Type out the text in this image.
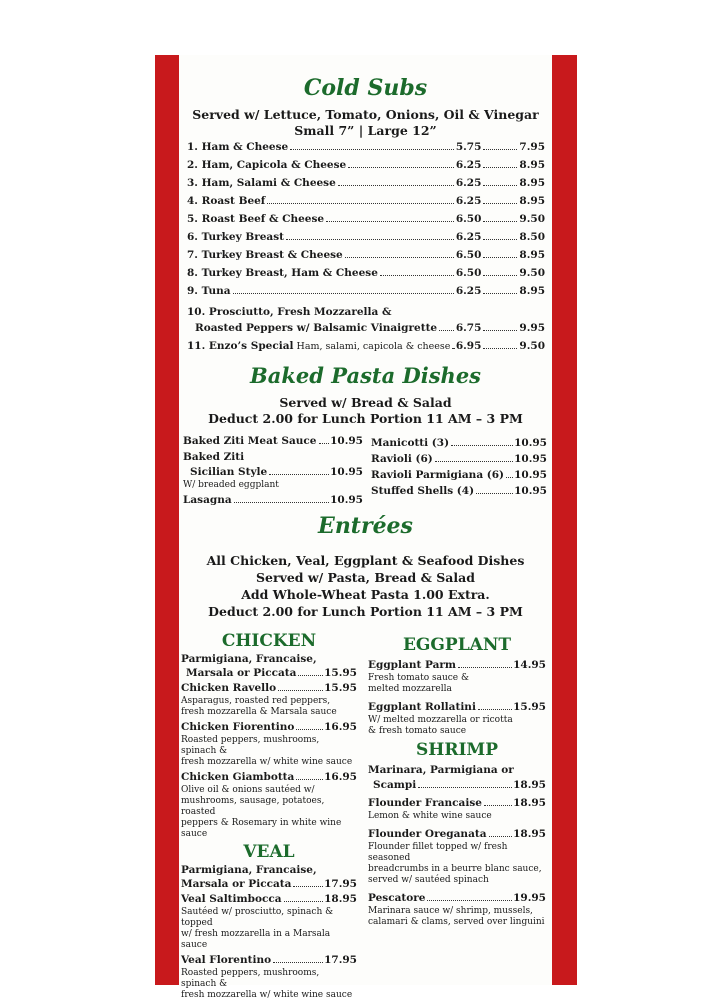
Cold Subs
Served w/ Lettuce, Tomato, Onions, Oil & Vinegar
Small 7” | Large 12”
1. Ham & Cheese	5.75	7.95
2. Ham, Capicola & Cheese	6.25	8.95
3. Ham, Salami & Cheese	6.25	8.95
4. Roast Beef	6.25	8.95
5. Roast Beef & Cheese	6.50	9.50
6. Turkey Breast	6.25	8.50
7. Turkey Breast & Cheese	6.50	8.95
8. Turkey Breast, Ham & Cheese	6.50	9.50
9. Tuna	6.25	8.95
10. Prosciutto, Fresh Mozzarella &
Roasted Peppers w/ Balsamic Vinaigrette 6.75	9.95
11. Enzo’s Special Ham, salami, capicola & cheese 6.95	9.50
Baked Pasta Dishes
Served w/ Bread & Salad
Deduct 2.00 for Lunch Portion 11 AM – 3 PM
Baked Ziti Meat Sauce 10.95
Baked Ziti
Sicilian Style	10.95
W/ breaded eggplant
Lasagna	10.95
Manicotti (3)	10.95
Ravioli (6)	10.95
Ravioli Parmigiana (6) 10.95
Stuffed Shells (4)	10.95
Entrées
All Chicken, Veal, Eggplant & Seafood Dishes
Served w/ Pasta, Bread & Salad
Add Whole-Wheat Pasta 1.00 Extra.
Deduct 2.00 for Lunch Portion 11 AM – 3 PM
CHICKEN
Parmigiana, Francaise,
Marsala or Piccata	15.95
Chicken Ravello	15.95
Asparagus, roasted red peppers,
fresh mozzarella & Marsala sauce
Chicken Fiorentino	16.95
Roasted peppers, mushrooms, spinach &
fresh mozzarella w/ white wine sauce
Chicken Giambotta	16.95
Olive oil & onions sautéed w/
mushrooms, sausage, potatoes, roasted
peppers & Rosemary in white wine sauce
VEAL
Parmigiana, Francaise,
Marsala or Piccata	17.95
Veal Saltimbocca	18.95
Sautéed w/ prosciutto, spinach & topped
w/ fresh mozzarella in a Marsala sauce
Veal Florentino	17.95
Roasted peppers, mushrooms, spinach &
fresh mozzarella w/ white wine sauce
EGGPLANT
Eggplant Parm	14.95
Fresh tomato sauce &
melted mozzarella
Eggplant Rollatini	15.95
W/ melted mozzarella or ricotta
& fresh tomato sauce
SHRIMP
Marinara, Parmigiana or
Scampi	18.95
Flounder Francaise	18.95
Lemon & white wine sauce
Flounder Oreganata	18.95
Flounder fillet topped w/ fresh seasoned
breadcrumbs in a beurre blanc sauce,
served w/ sautéed spinach
Pescatore	19.95
Marinara sauce w/ shrimp, mussels,
calamari & clams, served over linguini
